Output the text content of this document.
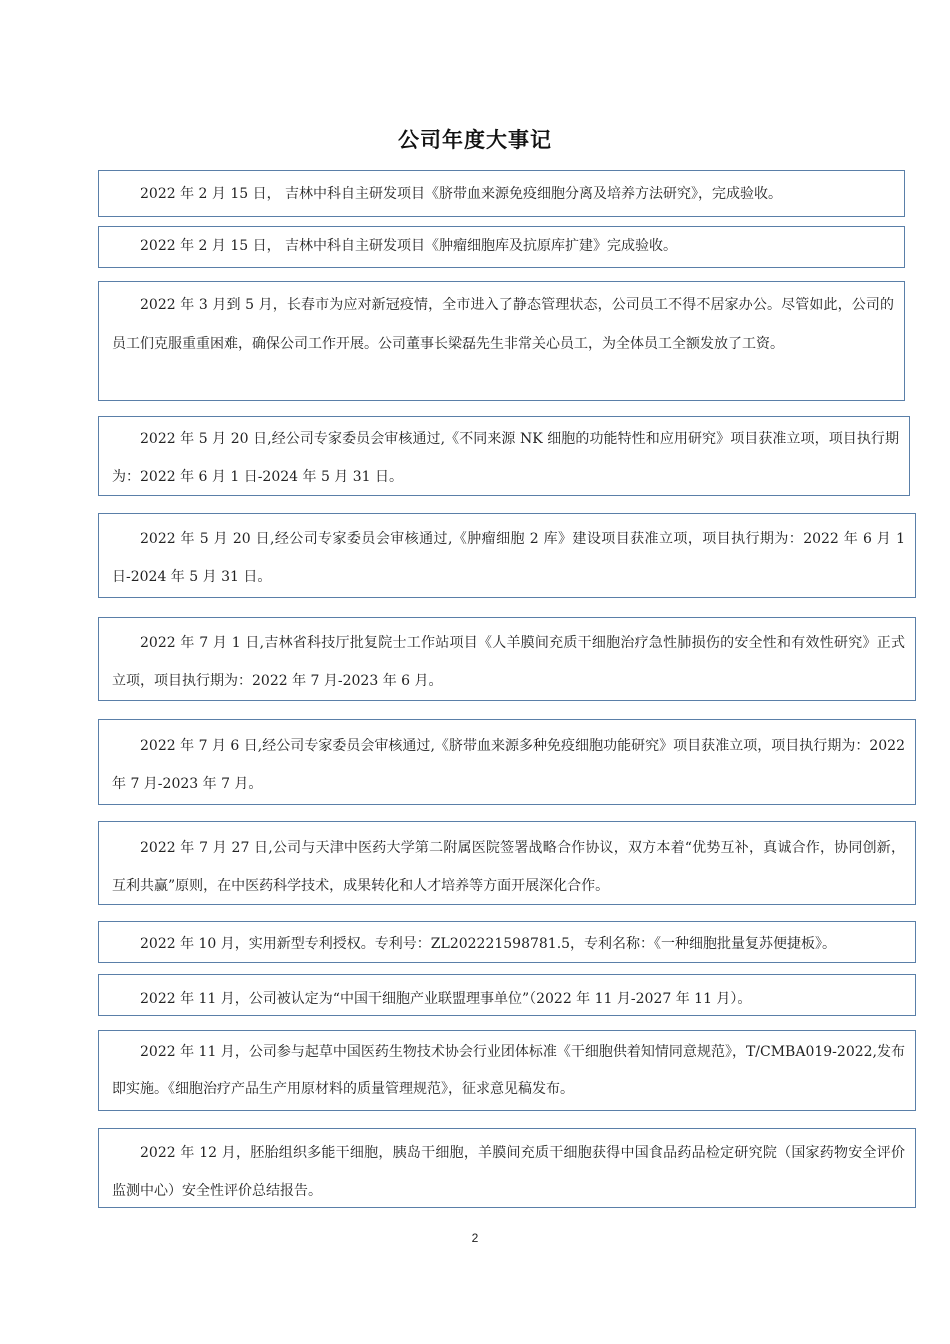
公司年度大事记

2022 年 2 月 15 日， 吉林中科自主研发项目《脐带血来源免疫细胞分离及培养方法研究》，完成验收。

2022 年 2 月 15 日， 吉林中科自主研发项目《肿瘤细胞库及抗原库扩建》完成验收。

2022 年 3 月到 5 月，长春市为应对新冠疫情，全市进入了静态管理状态，公司员工不得不居家办公。尽管如此，公司的员工们克服重重困难，确保公司工作开展。公司董事长梁磊先生非常关心员工，为全体员工全额发放了工资。

2022 年 5 月 20 日,经公司专家委员会审核通过,《不同来源 NK 细胞的功能特性和应用研究》项目获准立项，项目执行期为：2022 年 6 月 1 日-2024 年 5 月 31 日。

2022 年 5 月 20 日,经公司专家委员会审核通过,《肿瘤细胞 2 库》建设项目获准立项，项目执行期为：2022 年 6 月 1 日-2024 年 5 月 31 日。

2022 年 7 月 1 日,吉林省科技厅批复院士工作站项目《人羊膜间充质干细胞治疗急性肺损伤的安全性和有效性研究》正式立项，项目执行期为：2022 年 7 月-2023 年 6 月。

2022 年 7 月 6 日,经公司专家委员会审核通过,《脐带血来源多种免疫细胞功能研究》项目获准立项，项目执行期为：2022 年 7 月-2023 年 7 月。

2022 年 7 月 27 日,公司与天津中医药大学第二附属医院签署战略合作协议，双方本着“优势互补，真诚合作，协同创新，互利共赢”原则，在中医药科学技术，成果转化和人才培养等方面开展深化合作。

2022 年 10 月，实用新型专利授权。专利号：ZL202221598781.5，专利名称：《一种细胞批量复苏便捷板》。

2022 年 11 月，公司被认定为“中国干细胞产业联盟理事单位”（2022 年 11 月-2027 年 11 月）。

2022 年 11 月，公司参与起草中国医药生物技术协会行业团体标准《干细胞供着知情同意规范》，T/CMBA019-2022,发布即实施。《细胞治疗产品生产用原材料的质量管理规范》，征求意见稿发布。

2022 年 12 月，胚胎组织多能干细胞，胰岛干细胞，羊膜间充质干细胞获得中国食品药品检定研究院（国家药物安全评价监测中心）安全性评价总结报告。

2
